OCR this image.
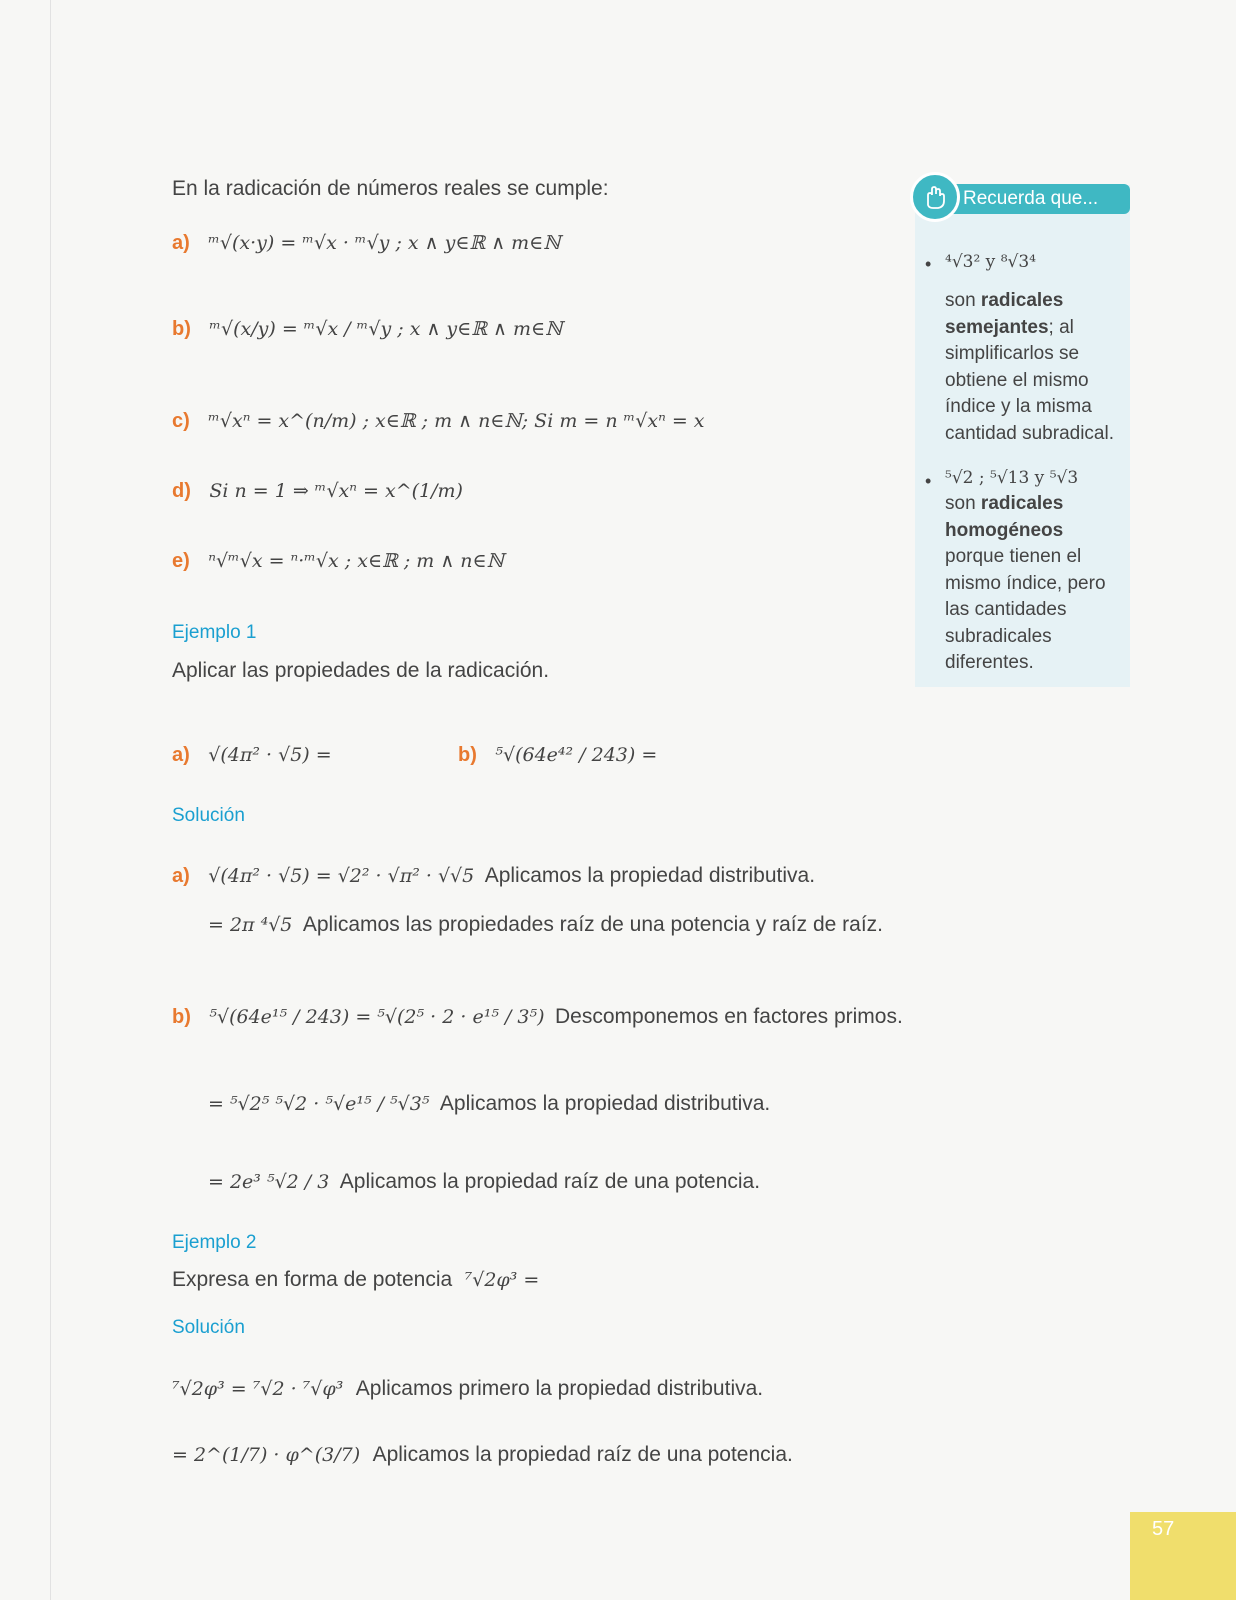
En la radicación de números reales se cumple:
a) ᵐ√(x·y) = ᵐ√x · ᵐ√y ; x ∧ y∈ℝ ∧ m∈ℕ
b) ᵐ√(x/y) = ᵐ√x / ᵐ√y ; x ∧ y∈ℝ ∧ m∈ℕ
c) ᵐ√xⁿ = x^(n/m) ; x∈ℝ ; m ∧ n∈ℕ; Si m = n ᵐ√xⁿ = x
d) Si n = 1 ⇒ ᵐ√xⁿ = x^(1/m)
e) ⁿ√ᵐ√x = ⁿ·ᵐ√x ; x∈ℝ ; m ∧ n∈ℕ
Ejemplo 1
Aplicar las propiedades de la radicación.
a) √(4π² · √5) =	b) ⁵√(64e⁴² / 243) =
Solución
a) √(4π² · √5) = √2² · √π² · √√5 Aplicamos la propiedad distributiva.
= 2π ⁴√5 Aplicamos las propiedades raíz de una potencia y raíz de raíz.
b) ⁵√(64e¹⁵ / 243) = ⁵√(2⁵ · 2 · e¹⁵ / 3⁵) Descomponemos en factores primos.
= ⁵√2⁵ ⁵√2 · ⁵√e¹⁵ / ⁵√3⁵ Aplicamos la propiedad distributiva.
= 2e³ ⁵√2 / 3 Aplicamos la propiedad raíz de una potencia.
Ejemplo 2
Expresa en forma de potencia ⁷√2φ³ =
Solución
⁷√2φ³ = ⁷√2 · ⁷√φ³ Aplicamos primero la propiedad distributiva.
= 2^(1/7) · φ^(3/7) Aplicamos la propiedad raíz de una potencia.
Recuerda que...
• ⁴√3² y ⁸√3⁴
son radicales semejantes; al simplificarlos se obtiene el mismo índice y la misma cantidad subradical.
• ⁵√2 ; ⁵√13 y ⁵√3
son radicales homogéneos porque tienen el mismo índice, pero las cantidades subradicales diferentes.
57
